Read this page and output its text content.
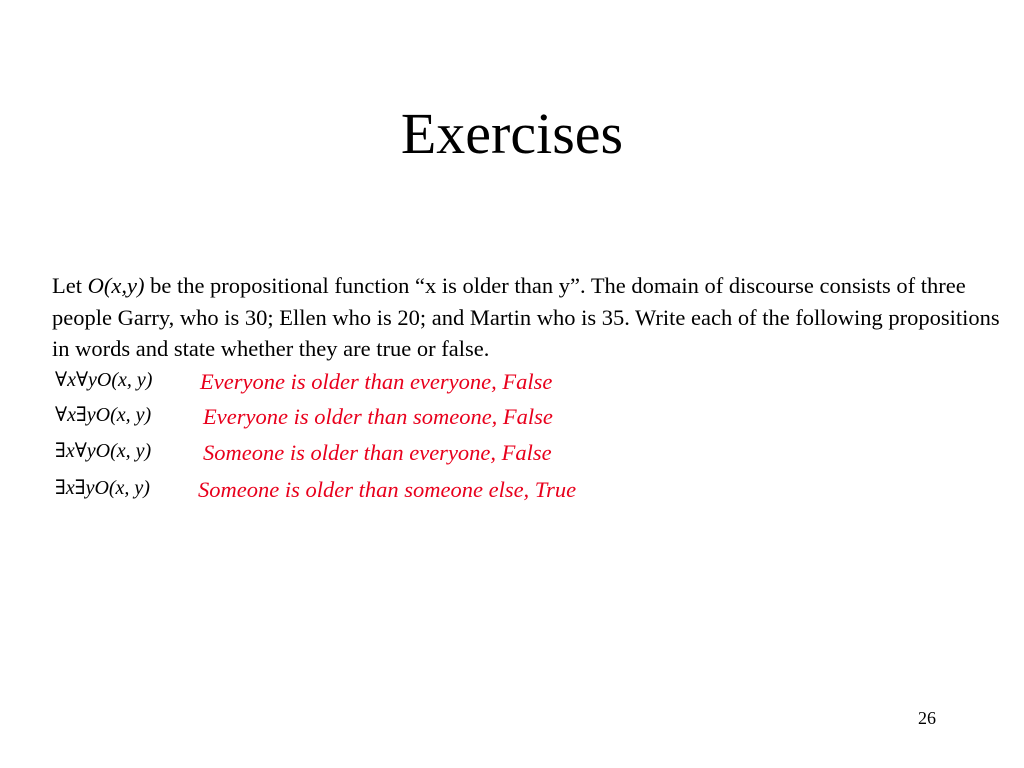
Exercises

Let O(x,y) be the propositional function “x is older than y”. The domain of discourse consists of three people Garry, who is 30; Ellen who is 20; and Martin who is 35. Write each of the following propositions in words and state whether they are true or false.

∀x∀yO(x, y) Everyone is older than everyone, False
∀x∃yO(x, y) Everyone is older than someone, False
∃x∀yO(x, y) Someone is older than everyone, False
∃x∃yO(x, y) Someone is older than someone else, True
26
